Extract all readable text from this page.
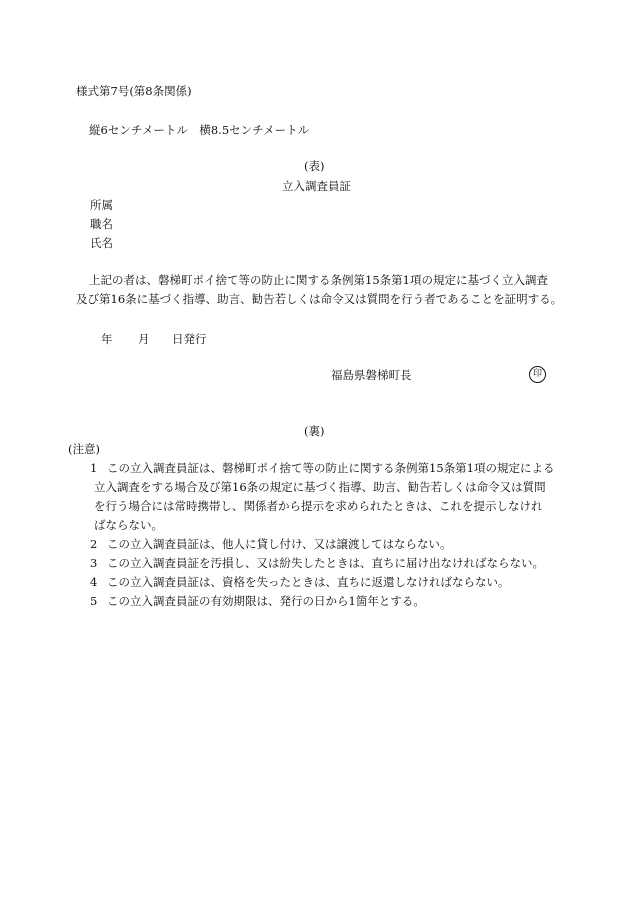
様式第7号(第8条関係)
縦6センチメートル　横8.5センチメートル
(表)
立入調査員証
所属
職名
氏名
上記の者は、磐梯町ポイ捨て等の防止に関する条例第15条第1項の規定に基づく立入調査
及び第16条に基づく指導、助言、勧告若しくは命令又は質問を行う者であることを証明する。
年 月 日発行
福島県磐梯町長	印
(裏)
(注意)
1 この立入調査員証は、磐梯町ポイ捨て等の防止に関する条例第15条第1項の規定による
立入調査をする場合及び第16条の規定に基づく指導、助言、勧告若しくは命令又は質問
を行う場合には常時携帯し、関係者から提示を求められたときは、これを提示しなけれ
ばならない。
2 この立入調査員証は、他人に貸し付け、又は譲渡してはならない。
3 この立入調査員証を汚損し、又は紛失したときは、直ちに届け出なければならない。
4 この立入調査員証は、資格を失ったときは、直ちに返還しなければならない。
5 この立入調査員証の有効期限は、発行の日から1箇年とする。
